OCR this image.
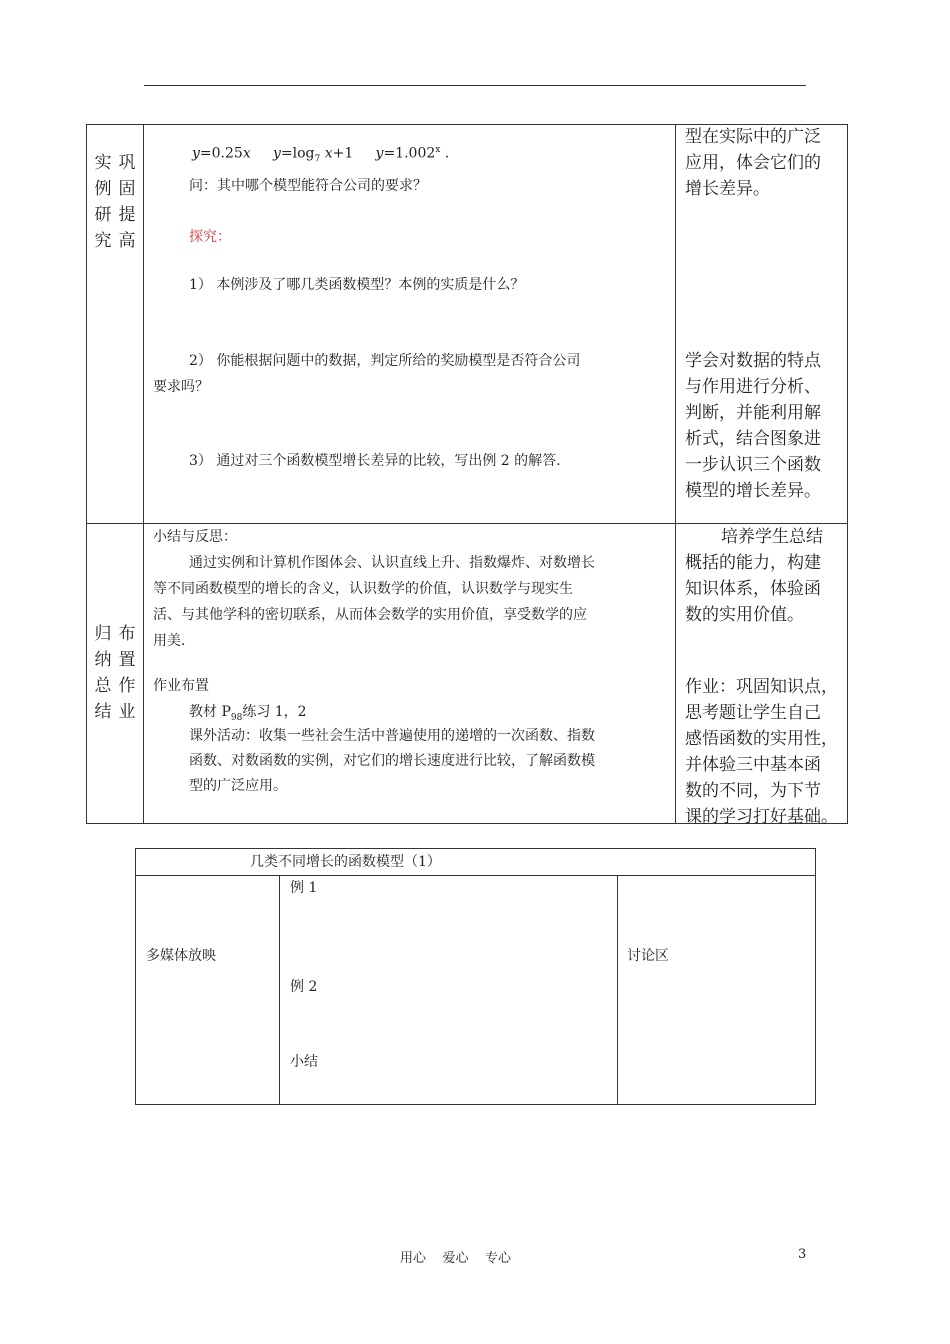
实例研究
巩固提高
y=0.25x $y=\log_7$ x+1 $y=1.002^x$ .
问：其中哪个模型能符合公司的要求？
探究：
1） 本例涉及了哪几类函数模型？本例的实质是什么？
2） 你能根据问题中的数据，判定所给的奖励模型是否符合公司
要求吗？
3） 通过对三个函数模型增长差异的比较，写出例 2 的解答.
型在实际中的广泛
应用，体会它们的
增长差异。
学会对数据的特点
与作用进行分析、
判断，并能利用解
析式，结合图象进
一步认识三个函数
模型的增长差异。
归纳总结
布置作业
小结与反思：
通过实例和计算机作图体会、认识直线上升、指数爆炸、对数增长
等不同函数模型的增长的含义，认识数学的价值，认识数学与现实生
活、与其他学科的密切联系，从而体会数学的实用价值，享受数学的应
用美.
作业布置
教材 $P_{98}$练习 1，2
课外活动：收集一些社会生活中普遍使用的递增的一次函数、指数
函数、对数函数的实例，对它们的增长速度进行比较，了解函数模
型的广泛应用。
培养学生总结
概括的能力，构建
知识体系，体验函
数的实用价值。
作业：巩固知识点，
思考题让学生自己
感悟函数的实用性，
并体验三中基本函
数的不同，为下节
课的学习打好基础。
几类不同增长的函数模型（1）
多媒体放映
例 1
例 2
小结
讨论区
用心    爱心    专心	3
